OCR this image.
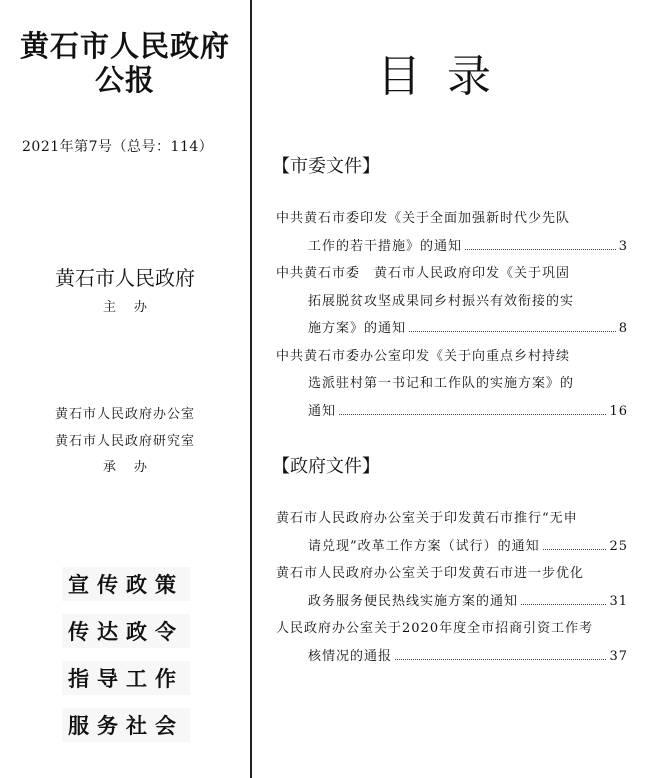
黄石市人民政府
公报
2021年第7号（总号：114）
黄石市人民政府
主办
黄石市人民政府办公室
黄石市人民政府研究室
承办
宣传政策
传达政令
指导工作
服务社会
目录
【市委文件】
中共黄石市委印发《关于全面加强新时代少先队
工作的若干措施》的通知	3
中共黄石市委　黄石市人民政府印发《关于巩固
拓展脱贫攻坚成果同乡村振兴有效衔接的实
施方案》的通知	8
中共黄石市委办公室印发《关于向重点乡村持续
选派驻村第一书记和工作队的实施方案》的
通知	16
【政府文件】
黄石市人民政府办公室关于印发黄石市推行“无申
请兑现”改革工作方案（试行）的通知	25
黄石市人民政府办公室关于印发黄石市进一步优化
政务服务便民热线实施方案的通知	31
人民政府办公室关于2020年度全市招商引资工作考
核情况的通报	37
